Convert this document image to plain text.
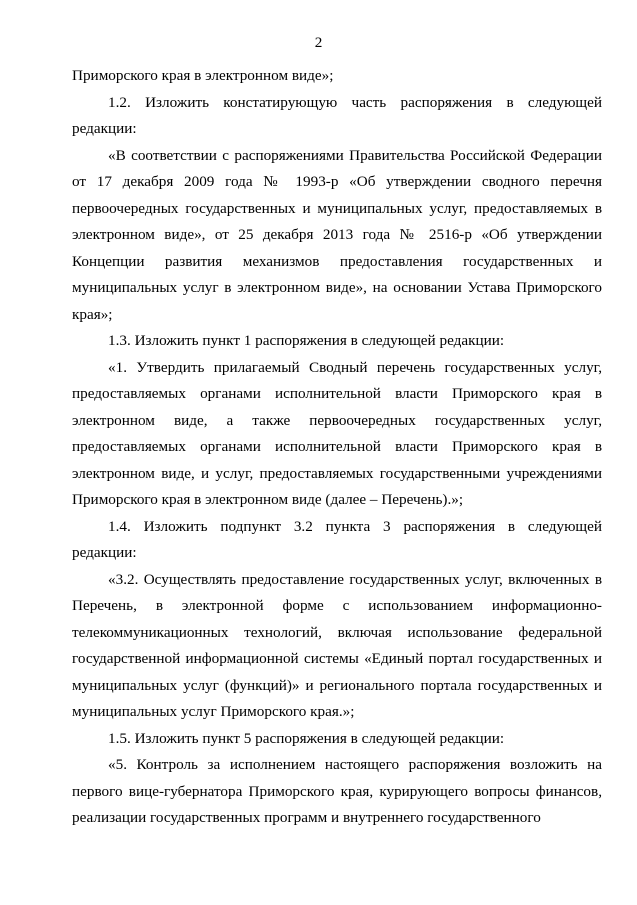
2

Приморского края в электронном виде»;

1.2. Изложить констатирующую часть распоряжения в следующей редакции:

«В соответствии с распоряжениями Правительства Российской Федерации от 17 декабря 2009 года № 1993-р «Об утверждении сводного перечня первоочередных государственных и муниципальных услуг, предоставляемых в электронном виде», от 25 декабря 2013 года № 2516-р «Об утверждении Концепции развития механизмов предоставления государственных и муниципальных услуг в электронном виде», на основании Устава Приморского края»;

1.3. Изложить пункт 1 распоряжения в следующей редакции:

«1. Утвердить прилагаемый Сводный перечень государственных услуг, предоставляемых органами исполнительной власти Приморского края в электронном виде, а также первоочередных государственных услуг, предоставляемых органами исполнительной власти Приморского края в электронном виде, и услуг, предоставляемых государственными учреждениями Приморского края в электронном виде (далее – Перечень).»;

1.4. Изложить подпункт 3.2 пункта 3 распоряжения в следующей редакции:

«3.2. Осуществлять предоставление государственных услуг, включенных в Перечень, в электронной форме с использованием информационно-телекоммуникационных технологий, включая использование федеральной государственной информационной системы «Единый портал государственных и муниципальных услуг (функций)» и регионального портала государственных и муниципальных услуг Приморского края.»;

1.5. Изложить пункт 5 распоряжения в следующей редакции:

«5. Контроль за исполнением настоящего распоряжения возложить на первого вице-губернатора Приморского края, курирующего вопросы финансов, реализации государственных программ и внутреннего государственного
